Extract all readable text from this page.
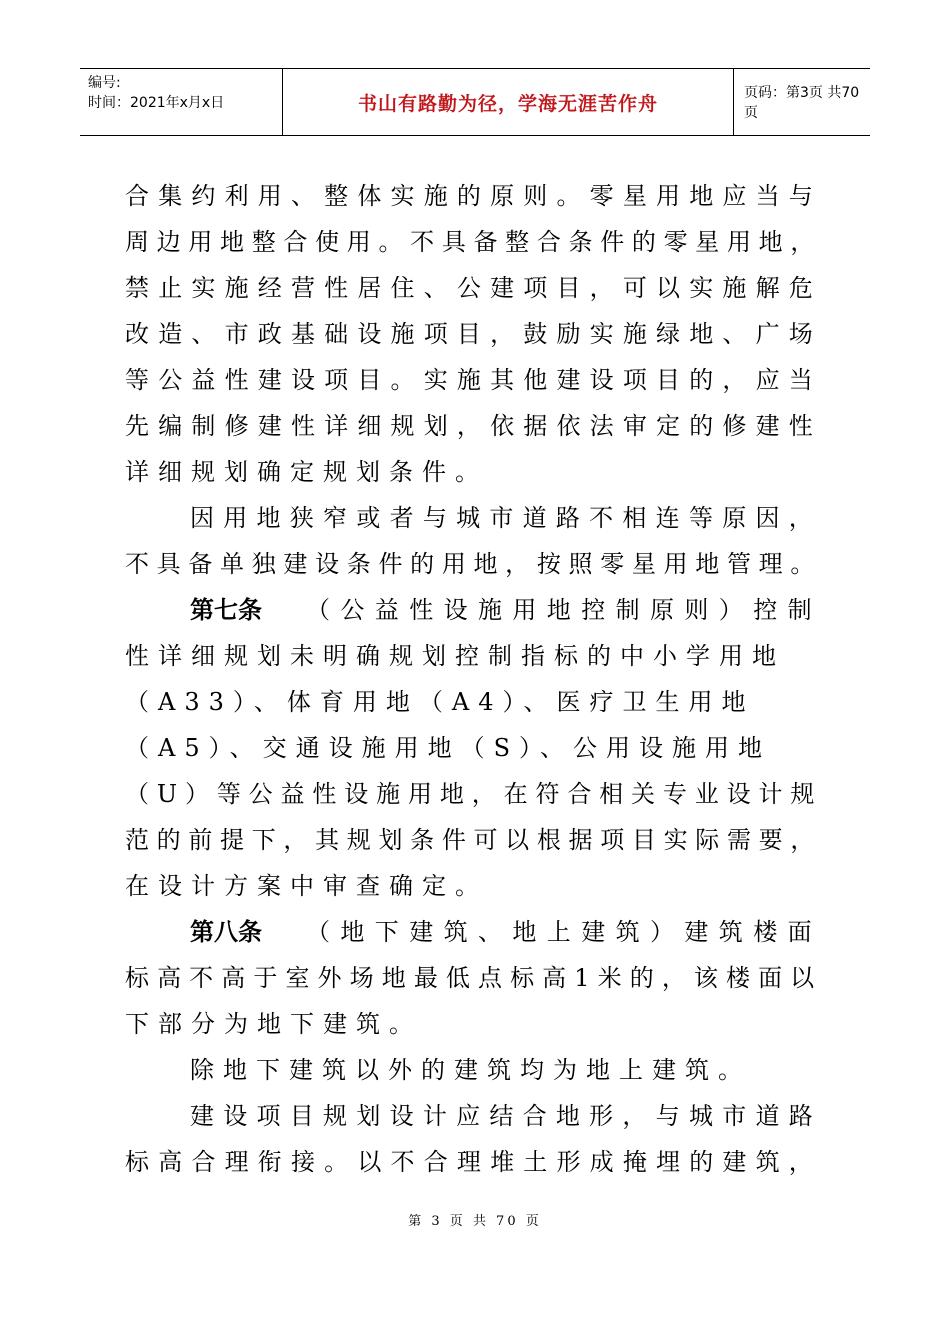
编号:
时间：2021年x月x日	书山有路勤为径，学海无涯苦作舟	页码：第3页 共70页
合集约利用、整体实施的原则。零星用地应当与
周边用地整合使用。不具备整合条件的零星用地，
禁止实施经营性居住、公建项目，可以实施解危
改造、市政基础设施项目，鼓励实施绿地、广场
等公益性建设项目。实施其他建设项目的，应当
先编制修建性详细规划，依据依法审定的修建性
详细规划确定规划条件。
因用地狭窄或者与城市道路不相连等原因，
不具备单独建设条件的用地，按照零星用地管理。
第七条 （公益性设施用地控制原则）控制
性详细规划未明确规划控制指标的中小学用地
（A33）、体育用地（A4）、医疗卫生用地
（A5）、交通设施用地（S）、公用设施用地
（U）等公益性设施用地，在符合相关专业设计规
范的前提下，其规划条件可以根据项目实际需要，
在设计方案中审查确定。
第八条 （地下建筑、地上建筑）建筑楼面
标高不高于室外场地最低点标高1米的，该楼面以
下部分为地下建筑。
除地下建筑以外的建筑均为地上建筑。
建设项目规划设计应结合地形，与城市道路
标高合理衔接。以不合理堆土形成掩埋的建筑，
第 3 页 共 70 页
